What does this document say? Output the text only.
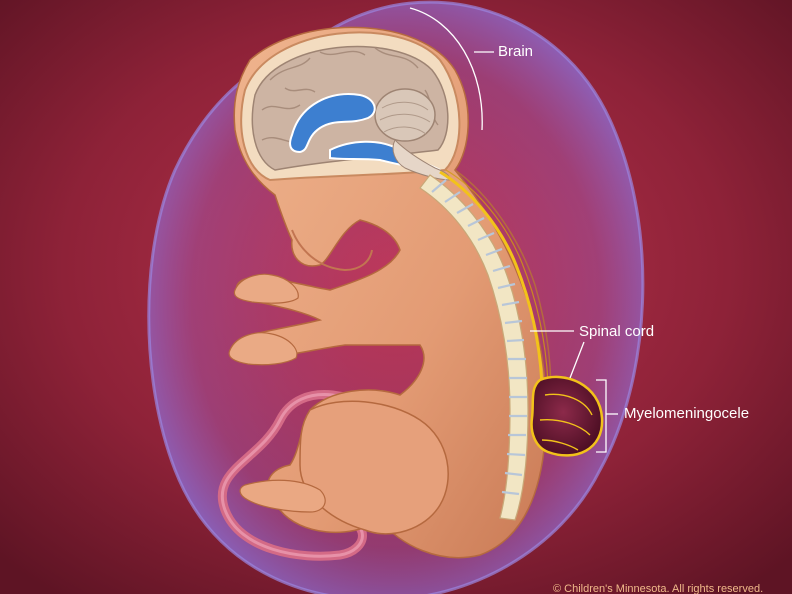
Brain
Spinal cord
Myelomeningocele
© Children's Minnesota. All rights reserved.
